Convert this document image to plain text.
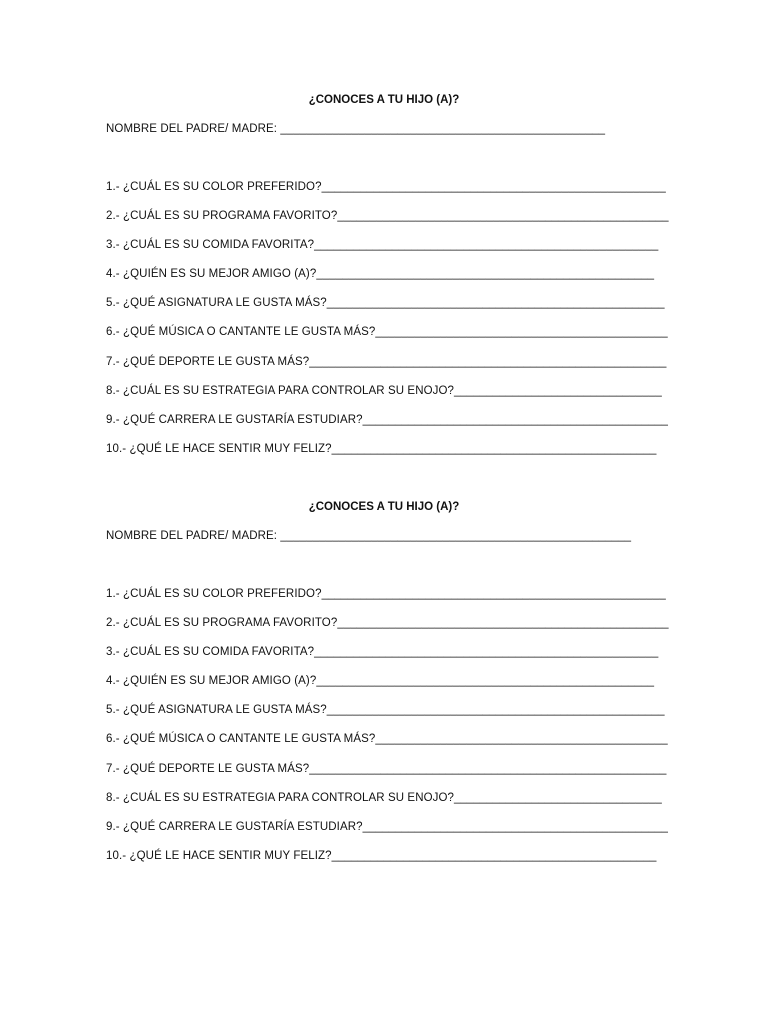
¿CONOCES A TU HIJO (A)?
NOMBRE DEL PADRE/ MADRE: __________________________________________________
1.- ¿CUÁL ES SU COLOR PREFERIDO?_____________________________________________________
2.- ¿CUÁL ES SU PROGRAMA FAVORITO?___________________________________________________
3.- ¿CUÁL ES SU COMIDA FAVORITA?_____________________________________________________
4.- ¿QUIÉN ES SU MEJOR AMIGO (A)?____________________________________________________
5.- ¿QUÉ ASIGNATURA LE GUSTA MÁS?____________________________________________________
6.- ¿QUÉ MÚSICA O CANTANTE LE GUSTA MÁS?_____________________________________________
7.- ¿QUÉ DEPORTE LE GUSTA MÁS?_______________________________________________________
8.- ¿CUÁL ES SU ESTRATEGIA PARA CONTROLAR SU ENOJO?________________________________
9.- ¿QUÉ CARRERA LE GUSTARÍA ESTUDIAR?_______________________________________________
10.- ¿QUÉ LE HACE SENTIR MUY FELIZ?__________________________________________________
¿CONOCES A TU HIJO (A)?
NOMBRE DEL PADRE/ MADRE: ______________________________________________________
1.- ¿CUÁL ES SU COLOR PREFERIDO?_____________________________________________________
2.- ¿CUÁL ES SU PROGRAMA FAVORITO?___________________________________________________
3.- ¿CUÁL ES SU COMIDA FAVORITA?_____________________________________________________
4.- ¿QUIÉN ES SU MEJOR AMIGO (A)?____________________________________________________
5.- ¿QUÉ ASIGNATURA LE GUSTA MÁS?____________________________________________________
6.- ¿QUÉ MÚSICA O CANTANTE LE GUSTA MÁS?_____________________________________________
7.- ¿QUÉ DEPORTE LE GUSTA MÁS?_______________________________________________________
8.- ¿CUÁL ES SU ESTRATEGIA PARA CONTROLAR SU ENOJO?________________________________
9.- ¿QUÉ CARRERA LE GUSTARÍA ESTUDIAR?_______________________________________________
10.- ¿QUÉ LE HACE SENTIR MUY FELIZ?__________________________________________________
